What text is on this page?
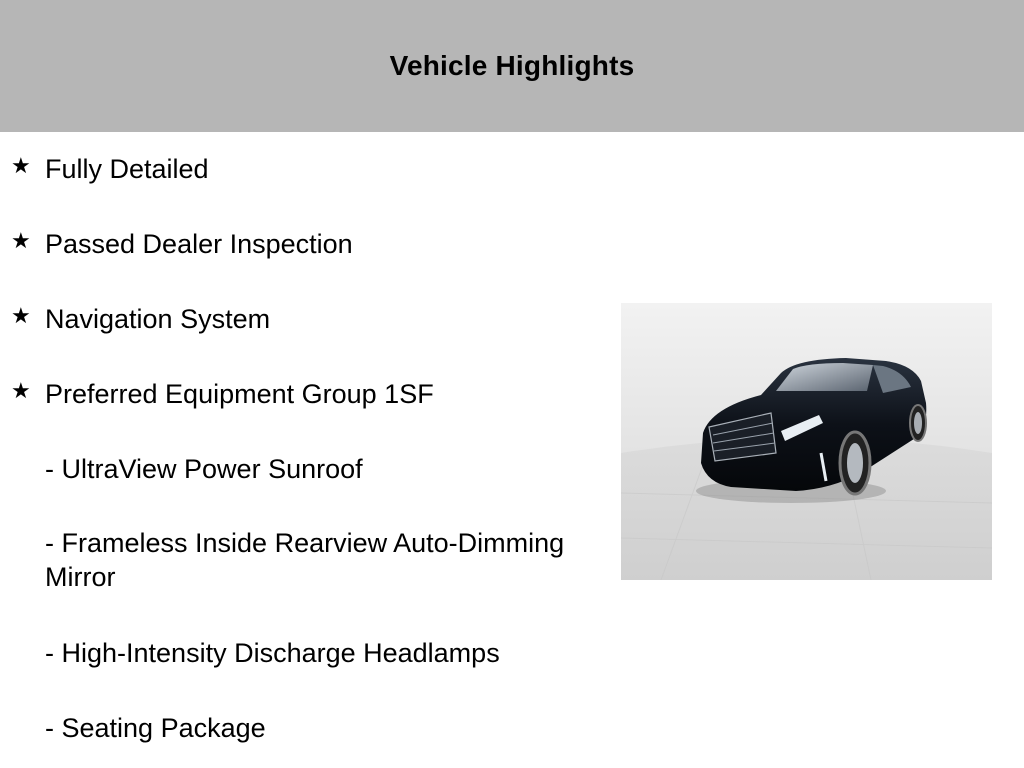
Vehicle Highlights
★ Fully Detailed
★ Passed Dealer Inspection
★ Navigation System
★ Preferred Equipment Group 1SF
- UltraView Power Sunroof
- Frameless Inside Rearview Auto-Dimming Mirror
- High-Intensity Discharge Headlamps
- Seating Package
